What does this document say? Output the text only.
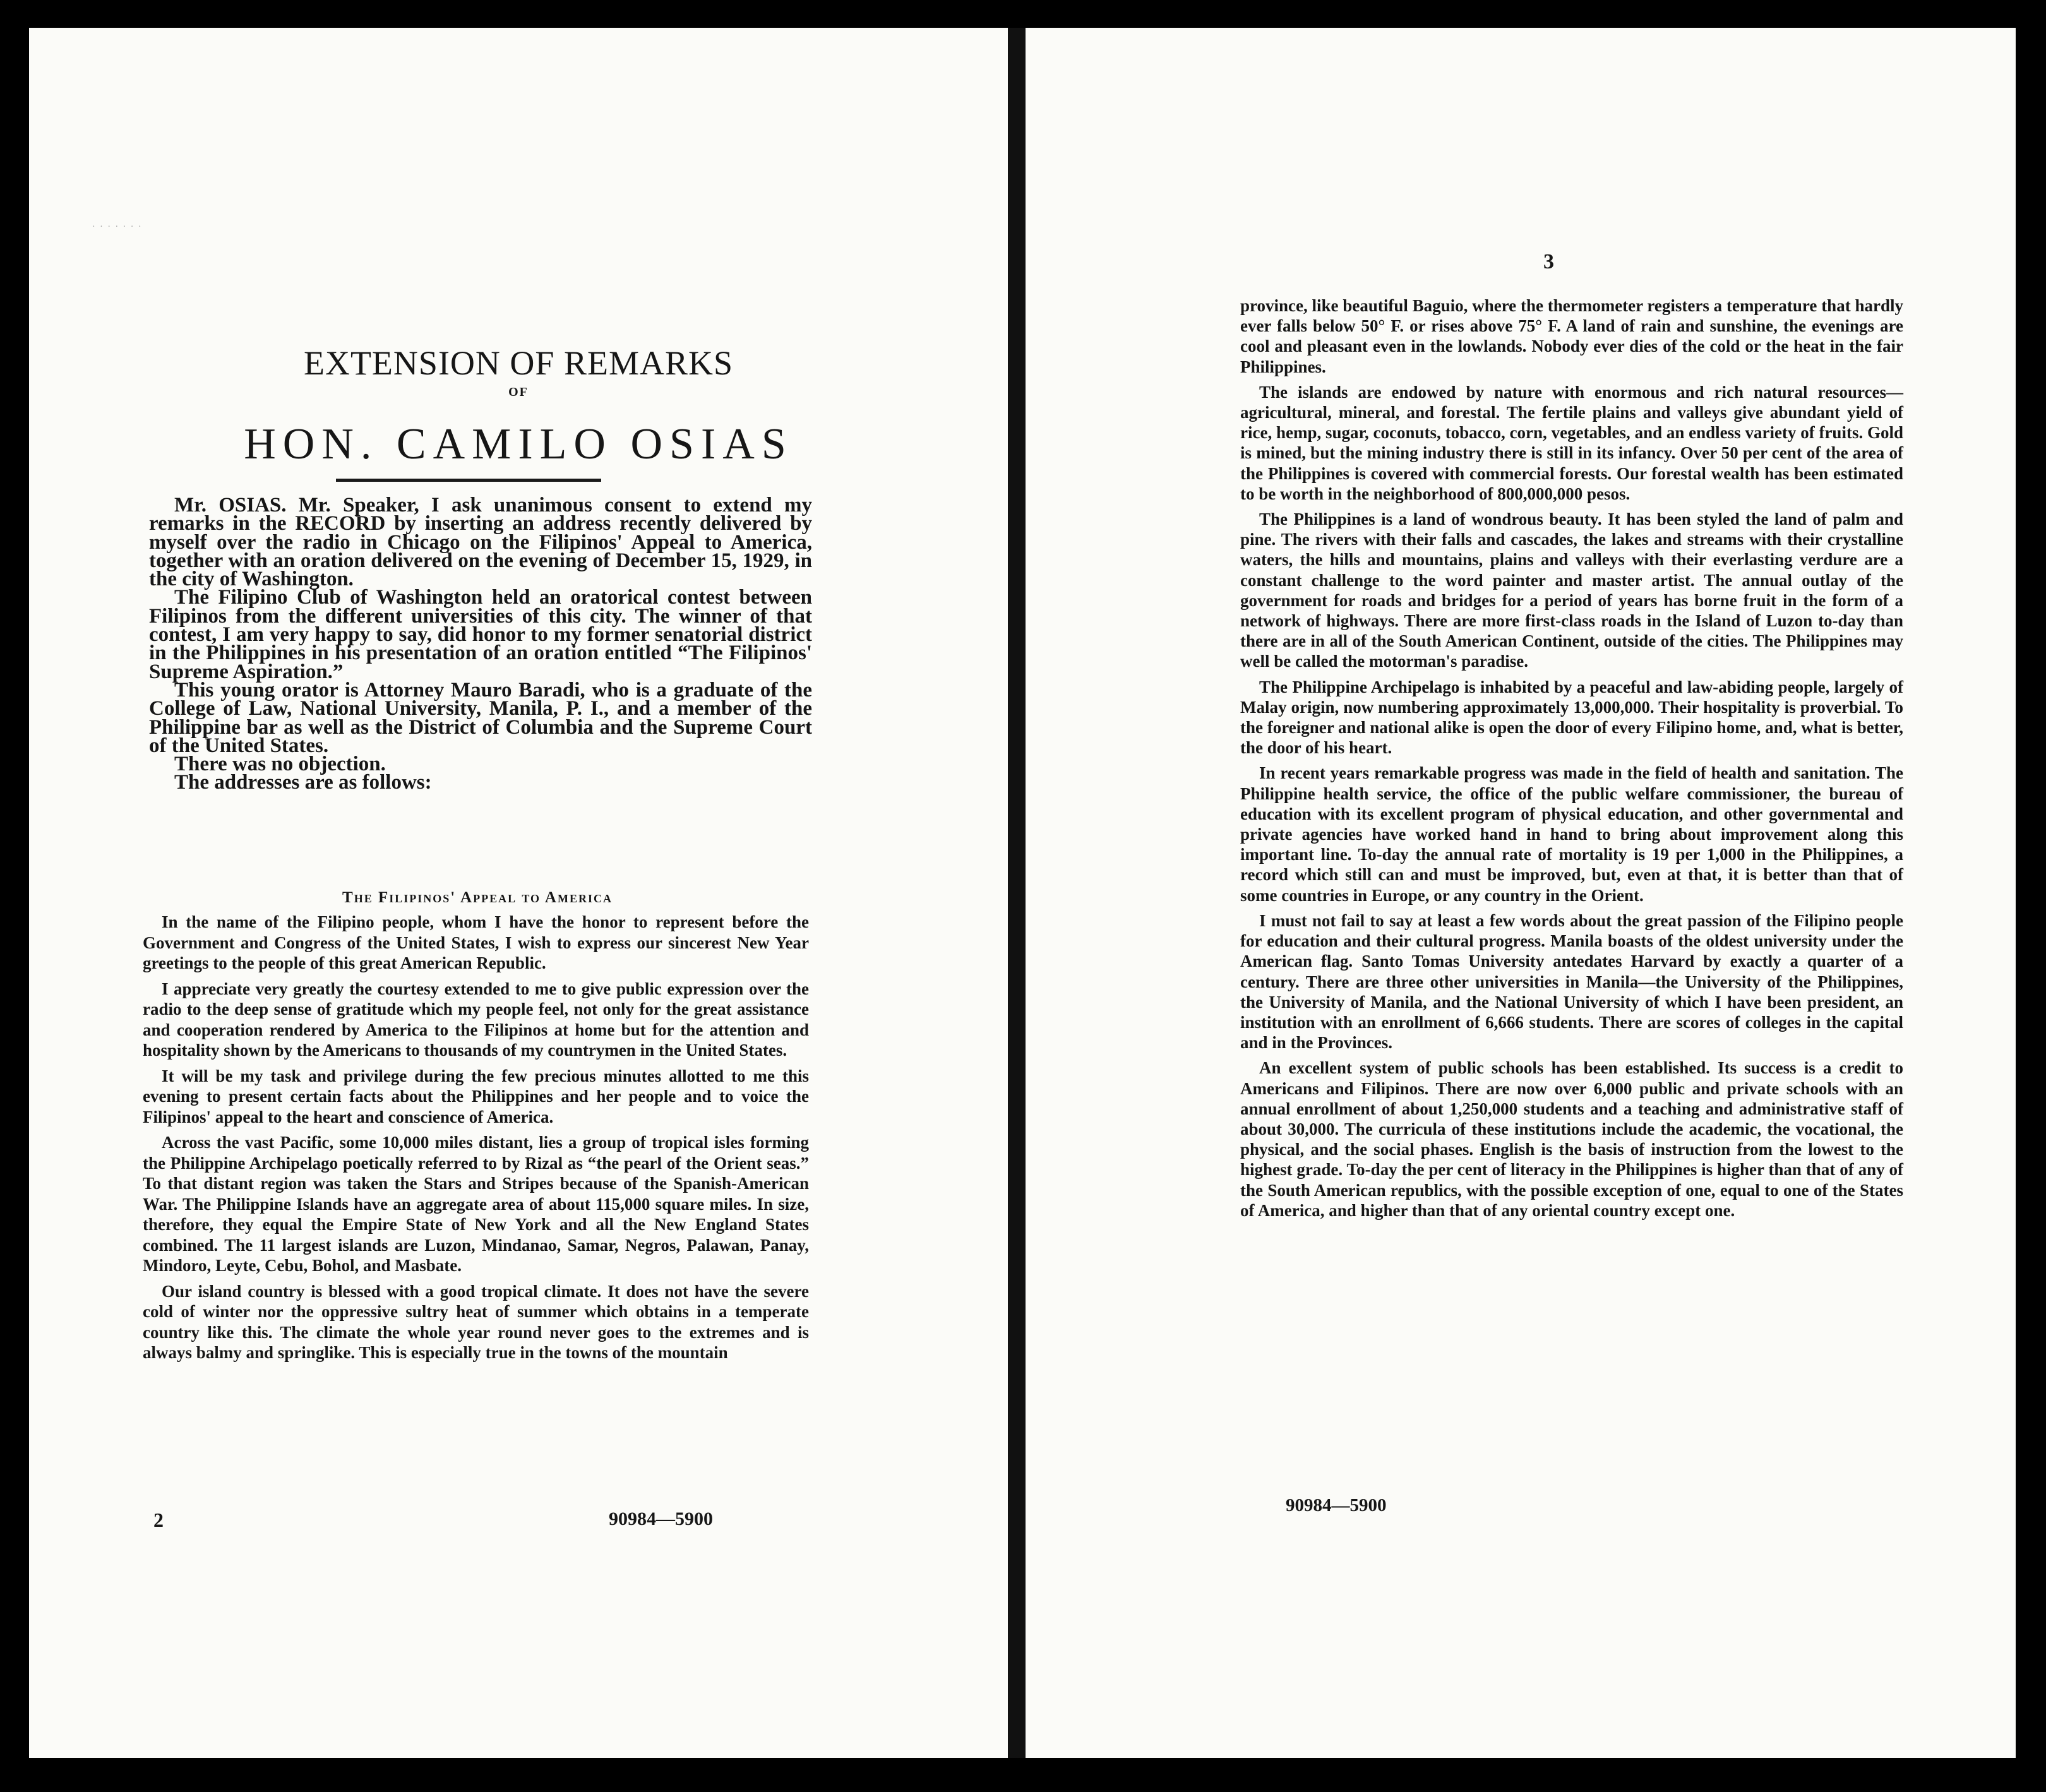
· · · · · · ·
EXTENSION OF REMARKS
OF
HON. CAMILO OSIAS

Mr. OSIAS. Mr. Speaker, I ask unanimous consent to extend my remarks in the RECORD by inserting an address recently delivered by myself over the radio in Chicago on the Filipinos' Appeal to America, together with an oration delivered on the evening of December 15, 1929, in the city of Washington.

The Filipino Club of Washington held an oratorical contest between Filipinos from the different universities of this city. The winner of that contest, I am very happy to say, did honor to my former senatorial district in the Philippines in his presentation of an oration entitled “The Filipinos' Supreme Aspiration.”

This young orator is Attorney Mauro Baradi, who is a graduate of the College of Law, National University, Manila, P. I., and a member of the Philippine bar as well as the District of Columbia and the Supreme Court of the United States.

There was no objection.

The addresses are as follows:

The Filipinos' Appeal to America

In the name of the Filipino people, whom I have the honor to represent before the Government and Congress of the United States, I wish to express our sincerest New Year greetings to the people of this great American Republic.

I appreciate very greatly the courtesy extended to me to give public expression over the radio to the deep sense of gratitude which my people feel, not only for the great assistance and cooperation rendered by America to the Filipinos at home but for the attention and hospitality shown by the Americans to thousands of my countrymen in the United States.

It will be my task and privilege during the few precious minutes allotted to me this evening to present certain facts about the Philippines and her people and to voice the Filipinos' appeal to the heart and conscience of America.

Across the vast Pacific, some 10,000 miles distant, lies a group of tropical isles forming the Philippine Archipelago poetically referred to by Rizal as “the pearl of the Orient seas.” To that distant region was taken the Stars and Stripes because of the Spanish-American War. The Philippine Islands have an aggregate area of about 115,000 square miles. In size, therefore, they equal the Empire State of New York and all the New England States combined. The 11 largest islands are Luzon, Mindanao, Samar, Negros, Palawan, Panay, Mindoro, Leyte, Cebu, Bohol, and Masbate.

Our island country is blessed with a good tropical climate. It does not have the severe cold of winter nor the oppressive sultry heat of summer which obtains in a temperate country like this. The climate the whole year round never goes to the extremes and is always balmy and springlike. This is especially true in the towns of the mountain

2	90984—5900
3

province, like beautiful Baguio, where the thermometer registers a temperature that hardly ever falls below 50° F. or rises above 75° F. A land of rain and sunshine, the evenings are cool and pleasant even in the lowlands. Nobody ever dies of the cold or the heat in the fair Philippines.

The islands are endowed by nature with enormous and rich natural resources—agricultural, mineral, and forestal. The fertile plains and valleys give abundant yield of rice, hemp, sugar, coconuts, tobacco, corn, vegetables, and an endless variety of fruits. Gold is mined, but the mining industry there is still in its infancy. Over 50 per cent of the area of the Philippines is covered with commercial forests. Our forestal wealth has been estimated to be worth in the neighborhood of 800,000,000 pesos.

The Philippines is a land of wondrous beauty. It has been styled the land of palm and pine. The rivers with their falls and cascades, the lakes and streams with their crystalline waters, the hills and mountains, plains and valleys with their everlasting verdure are a constant challenge to the word painter and master artist. The annual outlay of the government for roads and bridges for a period of years has borne fruit in the form of a network of highways. There are more first-class roads in the Island of Luzon to-day than there are in all of the South American Continent, outside of the cities. The Philippines may well be called the motorman's paradise.

The Philippine Archipelago is inhabited by a peaceful and law-abiding people, largely of Malay origin, now numbering approximately 13,000,000. Their hospitality is proverbial. To the foreigner and national alike is open the door of every Filipino home, and, what is better, the door of his heart.

In recent years remarkable progress was made in the field of health and sanitation. The Philippine health service, the office of the public welfare commissioner, the bureau of education with its excellent program of physical education, and other governmental and private agencies have worked hand in hand to bring about improvement along this important line. To-day the annual rate of mortality is 19 per 1,000 in the Philippines, a record which still can and must be improved, but, even at that, it is better than that of some countries in Europe, or any country in the Orient.

I must not fail to say at least a few words about the great passion of the Filipino people for education and their cultural progress. Manila boasts of the oldest university under the American flag. Santo Tomas University antedates Harvard by exactly a quarter of a century. There are three other universities in Manila—the University of the Philippines, the University of Manila, and the National University of which I have been president, an institution with an enrollment of 6,666 students. There are scores of colleges in the capital and in the Provinces.

An excellent system of public schools has been established. Its success is a credit to Americans and Filipinos. There are now over 6,000 public and private schools with an annual enrollment of about 1,250,000 students and a teaching and administrative staff of about 30,000. The curricula of these institutions include the academic, the vocational, the physical, and the social phases. English is the basis of instruction from the lowest to the highest grade. To-day the per cent of literacy in the Philippines is higher than that of any of the South American republics, with the possible exception of one, equal to one of the States of America, and higher than that of any oriental country except one.

90984—5900
